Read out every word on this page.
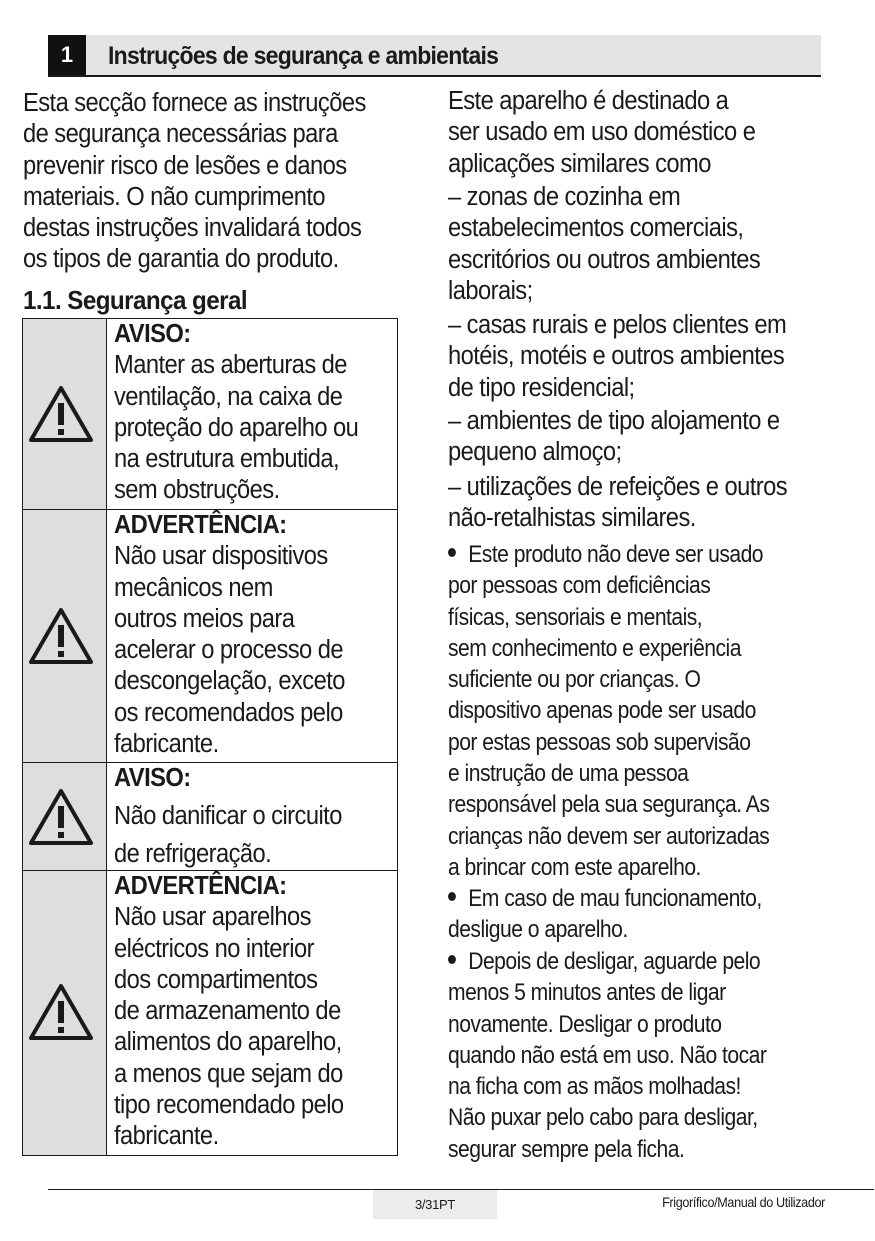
1	Instruções de segurança e ambientais
Esta secção fornece as instruções
de segurança necessárias para
prevenir risco de lesões e danos
materiais. O não cumprimento
destas instruções invalidará todos
os tipos de garantia do produto.
1.1. Segurança geral
AVISO:
Manter as aberturas de
ventilação, na caixa de
proteção do aparelho ou
na estrutura embutida,
sem obstruções.
ADVERTÊNCIA:
Não usar dispositivos
mecânicos nem
outros meios para
acelerar o processo de
descongelação, exceto
os recomendados pelo
fabricante.
AVISO:
Não danificar o circuito
de refrigeração.
ADVERTÊNCIA:
Não usar aparelhos
eléctricos no interior
dos compartimentos
de armazenamento de
alimentos do aparelho,
a menos que sejam do
tipo recomendado pelo
fabricante.
Este aparelho é destinado a
ser usado em uso doméstico e
aplicações similares como
– zonas de cozinha em
estabelecimentos comerciais,
escritórios ou outros ambientes
laborais;
– casas rurais e pelos clientes em
hotéis, motéis e outros ambientes
de tipo residencial;
– ambientes de tipo alojamento e
pequeno almoço;
– utilizações de refeições e outros
não-retalhistas similares.
Este produto não deve ser usado
por pessoas com deficiências
físicas, sensoriais e mentais,
sem conhecimento e experiência
suficiente ou por crianças. O
dispositivo apenas pode ser usado
por estas pessoas sob supervisão
e instrução de uma pessoa
responsável pela sua segurança. As
crianças não devem ser autorizadas
a brincar com este aparelho.
Em caso de mau funcionamento,
desligue o aparelho.
Depois de desligar, aguarde pelo
menos 5 minutos antes de ligar
novamente. Desligar o produto
quando não está em uso. Não tocar
na ficha com as mãos molhadas!
Não puxar pelo cabo para desligar,
segurar sempre pela ficha.
3/31PT	Frigorífico/Manual do Utilizador
